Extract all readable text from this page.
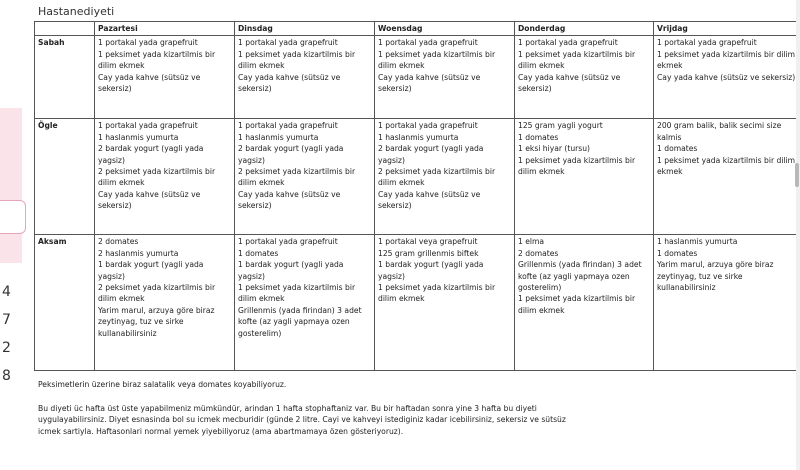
4
7
2
8
Hastanediyeti
	Pazartesi	Dinsdag	Woensdag	Donderdag	Vrijdag
Sabah	1 portakal yada grapefruit
1 peksimet yada kizartilmis bir dilim ekmek
Cay yada kahve (sütsüz ve sekersiz)	1 portakal yada grapefruit
1 peksimet yada kizartilmis bir dilim ekmek
Cay yada kahve (sütsüz ve sekersiz)	1 portakal yada grapefruit
1 peksimet yada kizartilmis bir dilim ekmek
Cay yada kahve (sütsüz ve sekersiz)	1 portakal yada grapefruit
1 peksimet yada kizartilmis bir dilim ekmek
Cay yada kahve (sütsüz ve sekersiz)	1 portakal yada grapefruit
1 peksimet yada kizartilmis bir dilim ekmek
Cay yada kahve (sütsüz ve sekersiz)
Ögle	1 portakal yada grapefruit
1 haslanmis yumurta
2 bardak yogurt (yagli yada yagsiz)
2 peksimet yada kizartilmis bir dilim ekmek
Cay yada kahve (sütsüz ve sekersiz)	1 portakal yada grapefruit
1 haslanmis yumurta
2 bardak yogurt (yagli yada yagsiz)
2 peksimet yada kizartilmis bir dilim ekmek
Cay yada kahve (sütsüz ve sekersiz)	1 portakal yada grapefruit
1 haslanmis yumurta
2 bardak yogurt (yagli yada yagsiz)
2 peksimet yada kizartilmis bir dilim ekmek
Cay yada kahve (sütsüz ve sekersiz)	125 gram yagli yogurt
1 domates
1 eksi hiyar (tursu)
1 peksimet yada kizartilmis bir dilim ekmek	200 gram balik, balik secimi size kalmis
1 domates
1 peksimet yada kizartilmis bir dilim ekmek
Aksam	2 domates
2 haslanmis yumurta
1 bardak yogurt (yagli yada yagsiz)
2 peksimet yada kizartilmis bir dilim ekmek
Yarim marul, arzuya göre biraz zeytinyag, tuz ve sirke kullanabilirsiniz	1 portakal yada grapefruit
1 domates
1 bardak yogurt (yagli yada yagsiz)
1 peksimet yada kizartilmis bir dilim ekmek
Grillenmis (yada firindan) 3 adet kofte (az yagli yapmaya ozen gosterelim)	1 portakal veya grapefruit
125 gram grillenmis biftek
1 bardak yogurt (yagli yada yagsiz)
1 peksimet yada kizartilmis bir dilim ekmek	1 elma
2 domates
Grillenmis (yada firindan) 3 adet kofte (az yagli yapmaya ozen gosterelim)
1 peksimet yada kizartilmis bir dilim ekmek	1 haslanmis yumurta
1 domates
Yarim marul, arzuya göre biraz zeytinyag, tuz ve sirke kullanabilirsiniz

Peksimetlerin üzerine biraz salatalik veya domates koyabiliyoruz.

Bu diyeti üc hafta üst üste yapabilmeniz mümkündür, arindan 1 hafta stophaftaniz var. Bu bir haftadan sonra yine 3 hafta bu diyeti uygulayabilirsiniz. Diyet esnasinda bol su icmek mecburidir (günde 2 litre. Cayi ve kahveyi istediginiz kadar icebilirsiniz, sekersiz ve sütsüz icmek sartiyla. Haftasonlari normal yemek yiyebiliyoruz (ama abartmamaya özen gösteriyoruz).
